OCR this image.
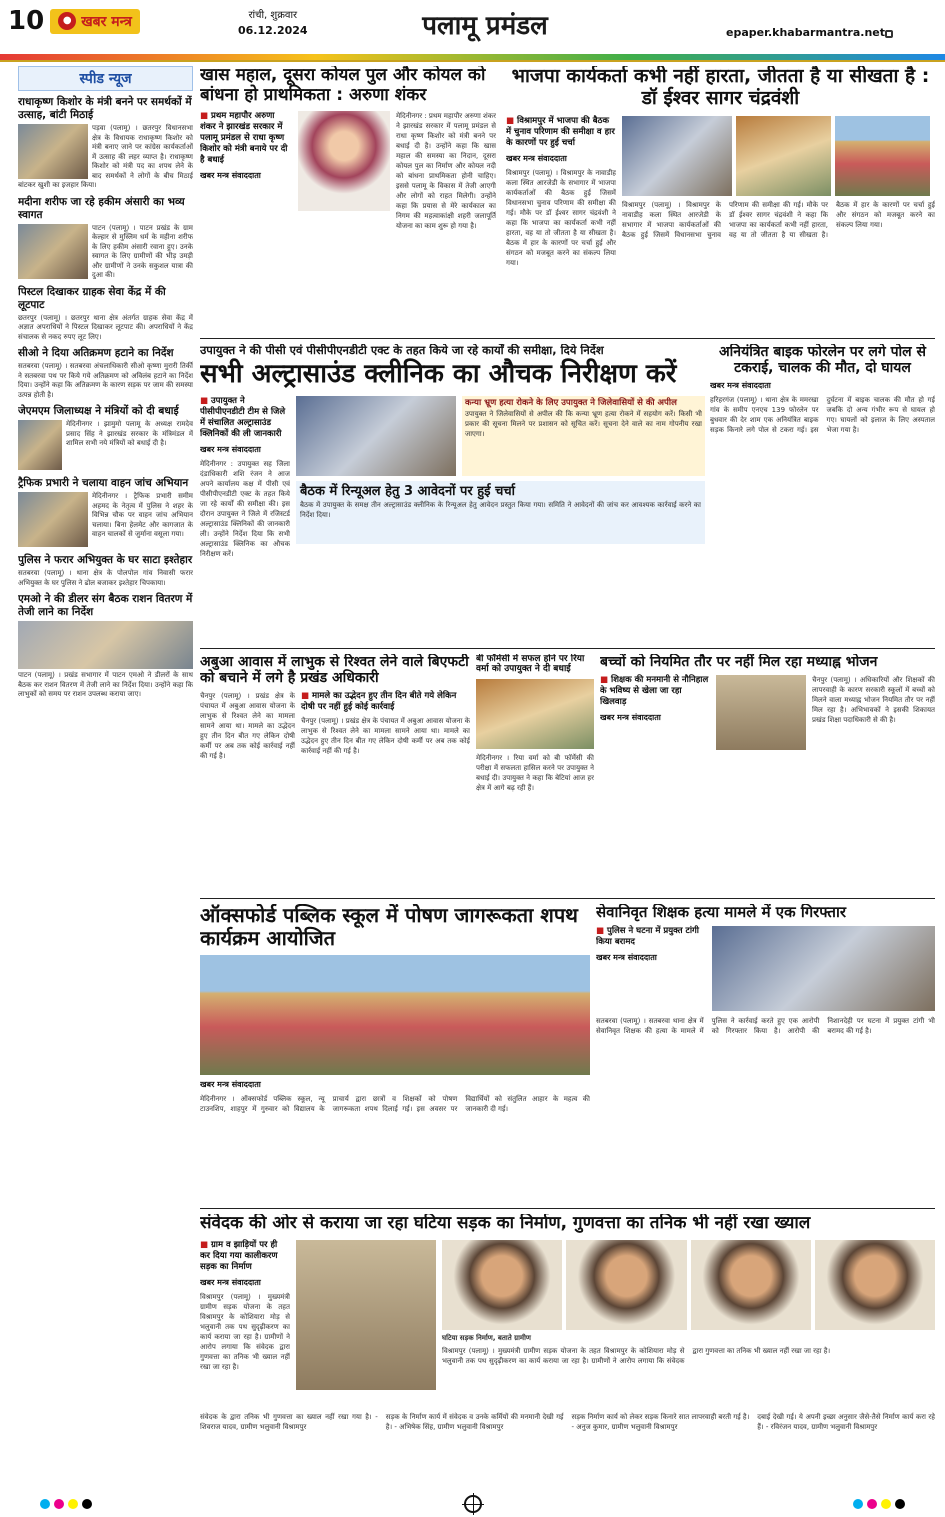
10	● खबर मन्त्र	रांची, शुक्रवार
06.12.2024	पलामू प्रमंडल	epaper.khabarmantra.net
स्पीड न्यूज
राधाकृष्ण किशोर के मंत्री बनने पर समर्थकों में उत्साह, बांटी मिठाई
पड़वा (पलामू) । छतरपुर विधानसभा क्षेत्र के विधायक राधाकृष्ण किशोर को मंत्री बनाए जाने पर कांग्रेस कार्यकर्ताओं में उत्साह की लहर व्याप्त है। राधाकृष्ण किशोर को मंत्री पद का शपथ लेने के बाद समर्थकों ने लोगों के बीच मिठाई बांटकर खुशी का इजहार किया।
मदीना शरीफ जा रहे हकीम अंसारी का भव्य स्वागत
पाटन (पलामू) । पाटन प्रखंड के ग्राम केल्हार से मुस्लिम धर्म के महीना शरीफ के लिए हकीम अंसारी रवाना हुए। उनके स्वागत के लिए ग्रामीणों की भीड़ उमड़ी और ग्रामीणों ने उनके सकुशल यात्रा की दुआ की।
पिस्टल दिखाकर ग्राहक सेवा केंद्र में की लूटपाट
छतरपुर (पलामू) । छतरपुर थाना क्षेत्र अंतर्गत ग्राहक सेवा केंद्र में अज्ञात अपराधियों ने पिस्टल दिखाकर लूटपाट की। अपराधियों ने केंद्र संचालक से नकद रुपए लूट लिए।
सीओ ने दिया अतिक्रमण हटाने का निर्देश
सतबरवा (पलामू) । सतबरवा अंचलाधिकारी सीओ कृष्णा मुरारी तिर्की ने सतबरवा पथ पर किये गये अतिक्रमण को अविलंब हटाने का निर्देश दिया। उन्होंने कहा कि अतिक्रमण के कारण सड़क पर जाम की समस्या उत्पन्न होती है।
जेएमएम जिलाध्यक्ष ने मंत्रियों को दी बधाई
मेदिनीनगर । झामुमो पलामू के अध्यक्ष रामदेव प्रसाद सिंह ने झारखंड सरकार के मंत्रिमंडल में शामिल सभी नये मंत्रियों को बधाई दी है।
ट्रैफिक प्रभारी ने चलाया वाहन जांच अभियान
मेदिनीनगर । ट्रैफिक प्रभारी समीम अहमद के नेतृत्व में पुलिस ने शहर के विभिन्न चौक पर वाहन जांच अभियान चलाया। बिना हेलमेट और कागजात के वाहन चालकों से जुर्माना वसूला गया।
पुलिस ने फरार अभियुक्त के घर साटा इश्तेहार
सतबरवा (पलामू) । थाना क्षेत्र के पोलपोल गांव निवासी फरार अभियुक्त के घर पुलिस ने ढोल बजाकर इश्तेहार चिपकाया।
एमओ ने की डीलर संग बैठक राशन वितरण में तेजी लाने का निर्देश
पाटन (पलामू) । प्रखंड सभागार में पाटन एमओ ने डीलरों के साथ बैठक कर राशन वितरण में तेजी लाने का निर्देश दिया। उन्होंने कहा कि लाभुकों को समय पर राशन उपलब्ध कराया जाए।
खास महाल, दूसरा कोयल पुल और कोयल को बांधना हो प्राथमिकता : अरुणा शंकर
■ प्रथम महापौर अरुणा शंकर ने झारखंड सरकार में पलामू प्रमंडल से राधा कृष्ण किशोर को मंत्री बनाये पर दी है बधाई
खबर मन्त्र संवाददाता
मेदिनीनगर : प्रथम महापौर अरुणा शंकर ने झारखंड सरकार में पलामू प्रमंडल से राधा कृष्ण किशोर को मंत्री बनने पर बधाई दी है। उन्होंने कहा कि खास महाल की समस्या का निदान, दूसरा कोयल पुल का निर्माण और कोयल नदी को बांधना प्राथमिकता होनी चाहिए। इससे पलामू के विकास में तेजी आएगी और लोगों को राहत मिलेगी। उन्होंने कहा कि प्रयास से मेरे कार्यकाल का निगम की महत्वाकांक्षी शहरी जलापूर्ति योजना का काम शुरू हो गया है।
भाजपा कार्यकर्ता कभी नहीं हारता, जीतता है या सीखता है : डॉ ईश्वर सागर चंद्रवंशी
■ विश्रामपुर में भाजपा की बैठक में चुनाव परिणाम की समीक्षा व हार के कारणों पर हुई चर्चा
खबर मन्त्र संवाददाता
विश्रामपुर (पलामू) । विश्रामपुर के नावाडीह कला स्थित आरजेडी के सभागार में भाजपा कार्यकर्ताओं की बैठक हुई जिसमें विधानसभा चुनाव परिणाम की समीक्षा की गई। मौके पर डॉ ईश्वर सागर चंद्रवंशी ने कहा कि भाजपा का कार्यकर्ता कभी नहीं हारता, वह या तो जीतता है या सीखता है। बैठक में हार के कारणों पर चर्चा हुई और संगठन को मजबूत करने का संकल्प लिया गया।
विश्रामपुर (पलामू) । विश्रामपुर के नावाडीह कला स्थित आरजेडी के सभागार में भाजपा कार्यकर्ताओं की बैठक हुई जिसमें विधानसभा चुनाव परिणाम की समीक्षा की गई। मौके पर डॉ ईश्वर सागर चंद्रवंशी ने कहा कि भाजपा का कार्यकर्ता कभी नहीं हारता, वह या तो जीतता है या सीखता है। बैठक में हार के कारणों पर चर्चा हुई और संगठन को मजबूत करने का संकल्प लिया गया।
उपायुक्त ने की पीसी एवं पीसीपीएनडीटी एक्ट के तहत किये जा रहे कार्यों की समीक्षा, दिये निर्देश
सभी अल्ट्रासाउंड क्लीनिक का औचक निरीक्षण करें
■ उपायुक्त ने पीसीपीएनडीटी टीम से जिले में संचालित अल्ट्रासाउंड क्लिनिकों की ली जानकारी
खबर मन्त्र संवाददाता
मेदिनीनगर : उपायुक्त सह जिला दंडाधिकारी शशि रंजन ने आज अपने कार्यालय कक्ष में पीसी एवं पीसीपीएनडीटी एक्ट के तहत किये जा रहे कार्यों की समीक्षा की। इस दौरान उपायुक्त ने जिले में रजिस्टर्ड अल्ट्रासाउंड क्लिनिकों की जानकारी ली। उन्होंने निर्देश दिया कि सभी अल्ट्रासाउंड क्लिनिक का औचक निरीक्षण करें।
कन्या भ्रूण हत्या रोकने के लिए उपायुक्त ने जिलेवासियों से की अपील
उपायुक्त ने जिलेवासियों से अपील की कि कन्या भ्रूण हत्या रोकने में सहयोग करें। किसी भी प्रकार की सूचना मिलने पर प्रशासन को सूचित करें। सूचना देने वाले का नाम गोपनीय रखा जाएगा।
बैठक में रिन्यूअल हेतु 3 आवेदनों पर हुई चर्चा
बैठक में उपायुक्त के समक्ष तीन अल्ट्रासाउंड क्लीनिक के रिन्यूअल हेतु आवेदन प्रस्तुत किया गया। समिति ने आवेदनों की जांच कर आवश्यक कार्रवाई करने का निर्देश दिया।
अनियंत्रित बाइक फोरलेन पर लगे पोल से टकराई, चालक की मौत, दो घायल
खबर मन्त्र संवाददाता
हरिहरगंज (पलामू) । थाना क्षेत्र के ममरखा गांव के समीप एनएच 139 फोरलेन पर बुधवार की देर शाम एक अनियंत्रित बाइक सड़क किनारे लगे पोल से टकरा गई। इस दुर्घटना में बाइक चालक की मौत हो गई जबकि दो अन्य गंभीर रूप से घायल हो गए। घायलों को इलाज के लिए अस्पताल भेजा गया है।
अबुआ आवास में लाभुक से रिश्वत लेने वाले बिएफटी को बचाने में लगे है प्रखंड अधिकारी
चैनपुर (पलामू) । प्रखंड क्षेत्र के पंचायत में अबुआ आवास योजना के लाभुक से रिश्वत लेने का मामला सामने आया था। मामले का उद्भेदन हुए तीन दिन बीत गए लेकिन दोषी कर्मी पर अब तक कोई कार्रवाई नहीं की गई है।
■ मामले का उद्भेदन हुए तीन दिन बीते गये लेकिन दोषी पर नहीं हुई कोई कार्रवाई
चैनपुर (पलामू) । प्रखंड क्षेत्र के पंचायत में अबुआ आवास योजना के लाभुक से रिश्वत लेने का मामला सामने आया था। मामले का उद्भेदन हुए तीन दिन बीत गए लेकिन दोषी कर्मी पर अब तक कोई कार्रवाई नहीं की गई है।
बी फॉर्मेसी में सफल होने पर रिया वर्मा को उपायुक्त ने दी बधाई
मेदिनीनगर । रिया वर्मा को बी फॉर्मेसी की परीक्षा में सफलता हासिल करने पर उपायुक्त ने बधाई दी। उपायुक्त ने कहा कि बेटियां आज हर क्षेत्र में आगे बढ़ रही हैं।
बच्चों को नियमित तौर पर नहीं मिल रहा मध्याह्न भोजन
■ शिक्षक की मनमानी से नौनिहाल के भविष्य से खेला जा रहा खिलवाड़
खबर मन्त्र संवाददाता
चैनपुर (पलामू) । अधिकारियों और शिक्षकों की लापरवाही के कारण सरकारी स्कूलों में बच्चों को मिलने वाला मध्याह्न भोजन नियमित तौर पर नहीं मिल रहा है। अभिभावकों ने इसकी शिकायत प्रखंड शिक्षा पदाधिकारी से की है।
ऑक्सफोर्ड पब्लिक स्कूल में पोषण जागरूकता शपथ कार्यक्रम आयोजित
खबर मन्त्र संवाददाता
मेदिनीनगर । ऑक्सफोर्ड पब्लिक स्कूल, न्यू टाउनशिप, शाहपुर में गुरुवार को विद्यालय के प्राचार्य द्वारा छात्रों व शिक्षकों को पोषण जागरूकता शपथ दिलाई गई। इस अवसर पर विद्यार्थियों को संतुलित आहार के महत्व की जानकारी दी गई।
सेवानिवृत शिक्षक हत्या मामले में एक गिरफ्तार
■ पुलिस ने घटना में प्रयुक्त टांगी किया बरामद
खबर मन्त्र संवाददाता
सतबरवा (पलामू) । सतबरवा थाना क्षेत्र में सेवानिवृत शिक्षक की हत्या के मामले में पुलिस ने कार्रवाई करते हुए एक आरोपी को गिरफ्तार किया है। आरोपी की निशानदेही पर घटना में प्रयुक्त टांगी भी बरामद की गई है।
संवेदक की ओर से कराया जा रहा घटिया सड़क का निर्माण, गुणवत्ता का तनिक भी नहीं रखा ख्याल
■ ग्राम व झाड़ियों पर ही कर दिया गया कालीकरण सड़क का निर्माण
खबर मन्त्र संवाददाता
विश्रामपुर (पलामू) । मुख्यमंत्री ग्रामीण सड़क योजना के तहत विश्रामपुर के कोशियारा मोड़ से भलुवानी तक पथ सुदृढ़ीकरण का कार्य कराया जा रहा है। ग्रामीणों ने आरोप लगाया कि संवेदक द्वारा गुणवत्ता का तनिक भी ख्याल नहीं रखा जा रहा है।
घटिया सड़क निर्माण, बताते ग्रामीण
विश्रामपुर (पलामू) । मुख्यमंत्री ग्रामीण सड़क योजना के तहत विश्रामपुर के कोशियारा मोड़ से भलुवानी तक पथ सुदृढ़ीकरण का कार्य कराया जा रहा है। ग्रामीणों ने आरोप लगाया कि संवेदक द्वारा गुणवत्ता का तनिक भी ख्याल नहीं रखा जा रहा है।
संवेदक के द्वारा तनिक भी गुणवत्ता का ख्याल नहीं रखा गया है। - शिवराज यादव, ग्रामीण भलुवानी विश्रामपुर
सड़क के निर्माण कार्य में संवेदक व उनके कर्मियों की मनमानी देखी गई है। - अभिषेक सिंह, ग्रामीण भलुवानी विश्रामपुर
सड़क निर्माण कार्य को लेकर सड़क किनारे सात लापरवाही बरती गई है। - अनुज कुमार, ग्रामीण भलुवानी विश्रामपुर
दबाई देखी गई। ये अपनी इच्छा अनुसार जैसे-तैसे निर्माण कार्य करा रहे हैं। - रविरंजन यादव, ग्रामीण भलुवानी विश्रामपुर
